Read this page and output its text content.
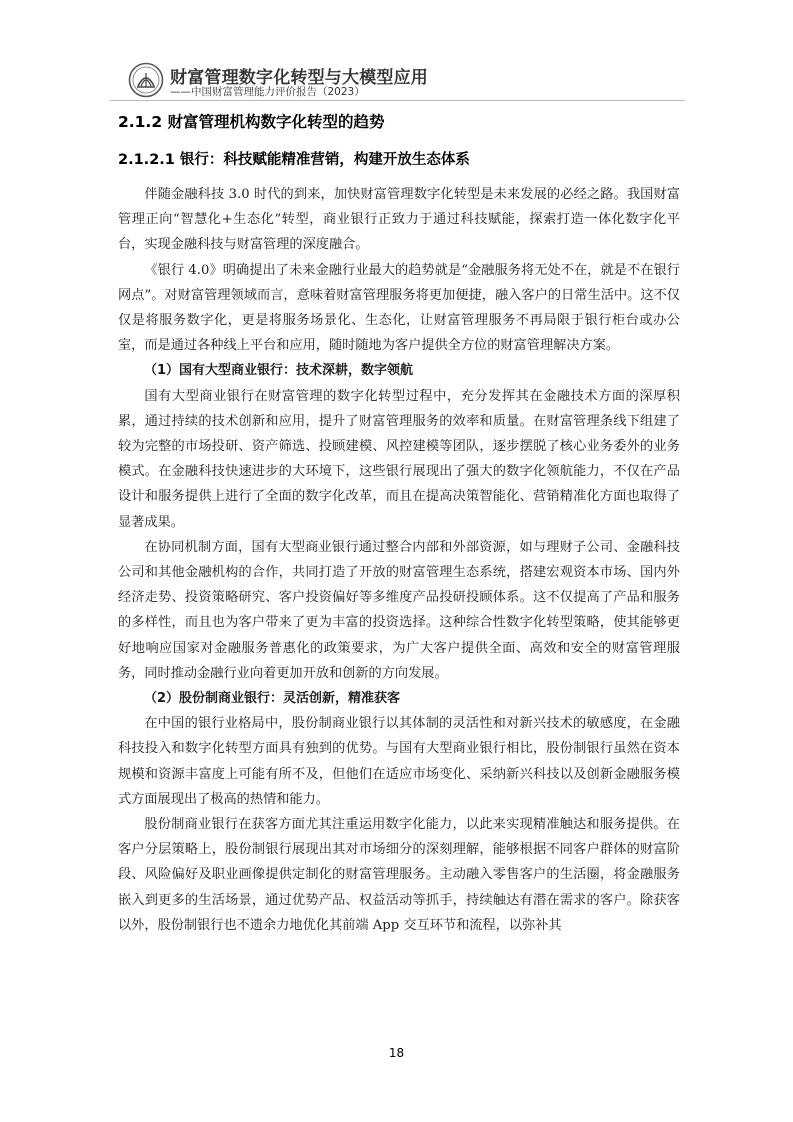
财富管理数字化转型与大模型应用
——中国财富管理能力评价报告（2023）
2.1.2 财富管理机构数字化转型的趋势
2.1.2.1 银行：科技赋能精准营销，构建开放生态体系

伴随金融科技 3.0 时代的到来，加快财富管理数字化转型是未来发展的必经之路。我国财富管理正向“智慧化+生态化”转型，商业银行正致力于通过科技赋能，探索打造一体化数字化平台，实现金融科技与财富管理的深度融合。

《银行 4.0》明确提出了未来金融行业最大的趋势就是“金融服务将无处不在，就是不在银行网点”。对财富管理领域而言，意味着财富管理服务将更加便捷，融入客户的日常生活中。这不仅仅是将服务数字化，更是将服务场景化、生态化，让财富管理服务不再局限于银行柜台或办公室，而是通过各种线上平台和应用，随时随地为客户提供全方位的财富管理解决方案。

（1）国有大型商业银行：技术深耕，数字领航

国有大型商业银行在财富管理的数字化转型过程中，充分发挥其在金融技术方面的深厚积累，通过持续的技术创新和应用，提升了财富管理服务的效率和质量。在财富管理条线下组建了较为完整的市场投研、资产筛选、投顾建模、风控建模等团队，逐步摆脱了核心业务委外的业务模式。在金融科技快速进步的大环境下，这些银行展现出了强大的数字化领航能力，不仅在产品设计和服务提供上进行了全面的数字化改革，而且在提高决策智能化、营销精准化方面也取得了显著成果。

在协同机制方面，国有大型商业银行通过整合内部和外部资源，如与理财子公司、金融科技公司和其他金融机构的合作，共同打造了开放的财富管理生态系统，搭建宏观资本市场、国内外经济走势、投资策略研究、客户投资偏好等多维度产品投研投顾体系。这不仅提高了产品和服务的多样性，而且也为客户带来了更为丰富的投资选择。这种综合性数字化转型策略，使其能够更好地响应国家对金融服务普惠化的政策要求，为广大客户提供全面、高效和安全的财富管理服务，同时推动金融行业向着更加开放和创新的方向发展。

（2）股份制商业银行：灵活创新，精准获客

在中国的银行业格局中，股份制商业银行以其体制的灵活性和对新兴技术的敏感度，在金融科技投入和数字化转型方面具有独到的优势。与国有大型商业银行相比，股份制银行虽然在资本规模和资源丰富度上可能有所不及，但他们在适应市场变化、采纳新兴科技以及创新金融服务模式方面展现出了极高的热情和能力。

股份制商业银行在获客方面尤其注重运用数字化能力，以此来实现精准触达和服务提供。在客户分层策略上，股份制银行展现出其对市场细分的深刻理解，能够根据不同客户群体的财富阶段、风险偏好及职业画像提供定制化的财富管理服务。主动融入零售客户的生活圈，将金融服务嵌入到更多的生活场景，通过优势产品、权益活动等抓手，持续触达有潜在需求的客户。除获客以外，股份制银行也不遗余力地优化其前端 App 交互环节和流程，以弥补其

18
